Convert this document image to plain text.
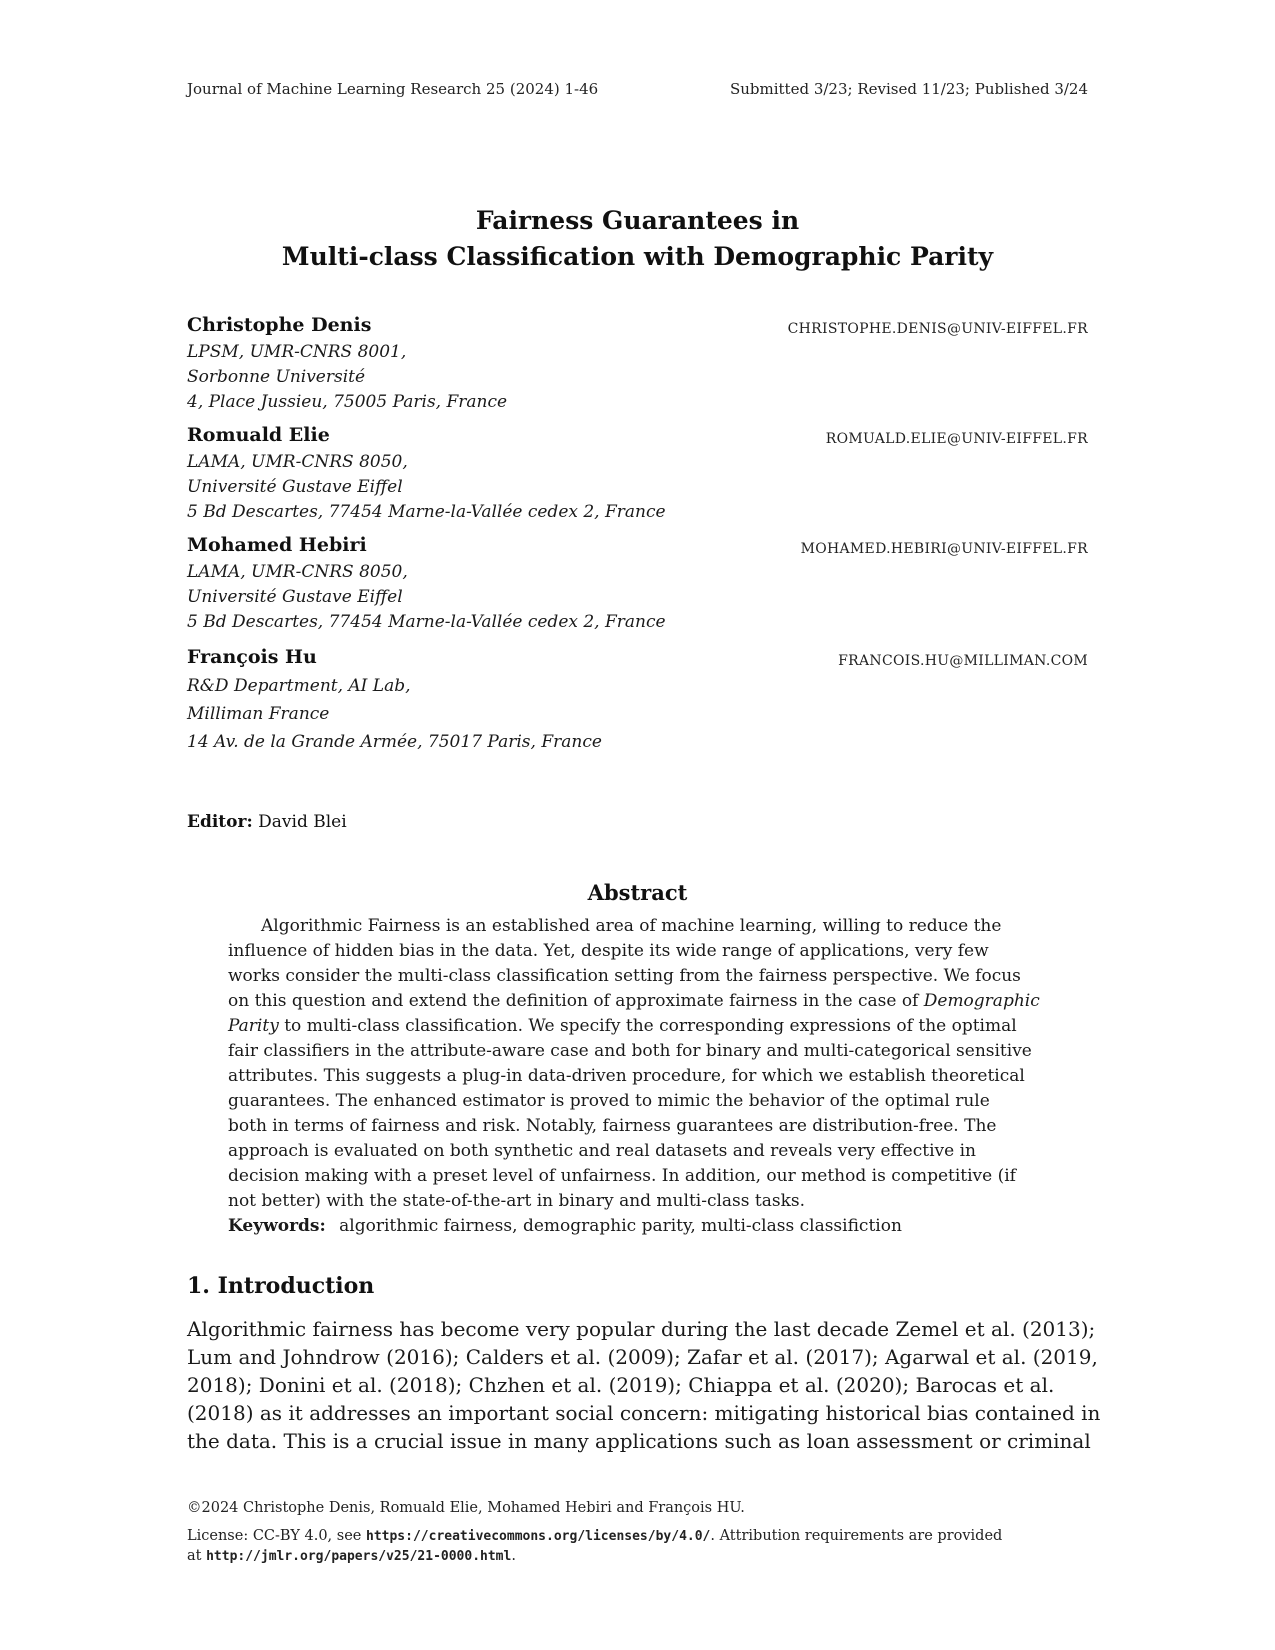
Journal of Machine Learning Research 25 (2024) 1-46	Submitted 3/23; Revised 11/23; Published 3/24
Fairness Guarantees in
Multi-class Classification with Demographic Parity
Christophe Denis	CHRISTOPHE.DENIS@UNIV-EIFFEL.FR
LPSM, UMR-CNRS 8001,
Sorbonne Université
4, Place Jussieu, 75005 Paris, France
Romuald Elie	ROMUALD.ELIE@UNIV-EIFFEL.FR
LAMA, UMR-CNRS 8050,
Université Gustave Eiffel
5 Bd Descartes, 77454 Marne-la-Vallée cedex 2, France
Mohamed Hebiri	MOHAMED.HEBIRI@UNIV-EIFFEL.FR
LAMA, UMR-CNRS 8050,
Université Gustave Eiffel
5 Bd Descartes, 77454 Marne-la-Vallée cedex 2, France
François Hu	FRANCOIS.HU@MILLIMAN.COM
R&D Department, AI Lab,
Milliman France
14 Av. de la Grande Armée, 75017 Paris, France
Editor: David Blei
Abstract
Algorithmic Fairness is an established area of machine learning, willing to reduce the
influence of hidden bias in the data. Yet, despite its wide range of applications, very few
works consider the multi-class classification setting from the fairness perspective. We focus
on this question and extend the definition of approximate fairness in the case of Demographic
Parity to multi-class classification. We specify the corresponding expressions of the optimal
fair classifiers in the attribute-aware case and both for binary and multi-categorical sensitive
attributes. This suggests a plug-in data-driven procedure, for which we establish theoretical
guarantees. The enhanced estimator is proved to mimic the behavior of the optimal rule
both in terms of fairness and risk. Notably, fairness guarantees are distribution-free. The
approach is evaluated on both synthetic and real datasets and reveals very effective in
decision making with a preset level of unfairness. In addition, our method is competitive (if
not better) with the state-of-the-art in binary and multi-class tasks.
Keywords: algorithmic fairness, demographic parity, multi-class classifiction
1. Introduction
Algorithmic fairness has become very popular during the last decade Zemel et al. (2013);
Lum and Johndrow (2016); Calders et al. (2009); Zafar et al. (2017); Agarwal et al. (2019,
2018); Donini et al. (2018); Chzhen et al. (2019); Chiappa et al. (2020); Barocas et al.
(2018) as it addresses an important social concern: mitigating historical bias contained in
the data. This is a crucial issue in many applications such as loan assessment or criminal
©2024 Christophe Denis, Romuald Elie, Mohamed Hebiri and François HU.
License: CC-BY 4.0, see https://creativecommons.org/licenses/by/4.0/. Attribution requirements are provided
at http://jmlr.org/papers/v25/21-0000.html.
